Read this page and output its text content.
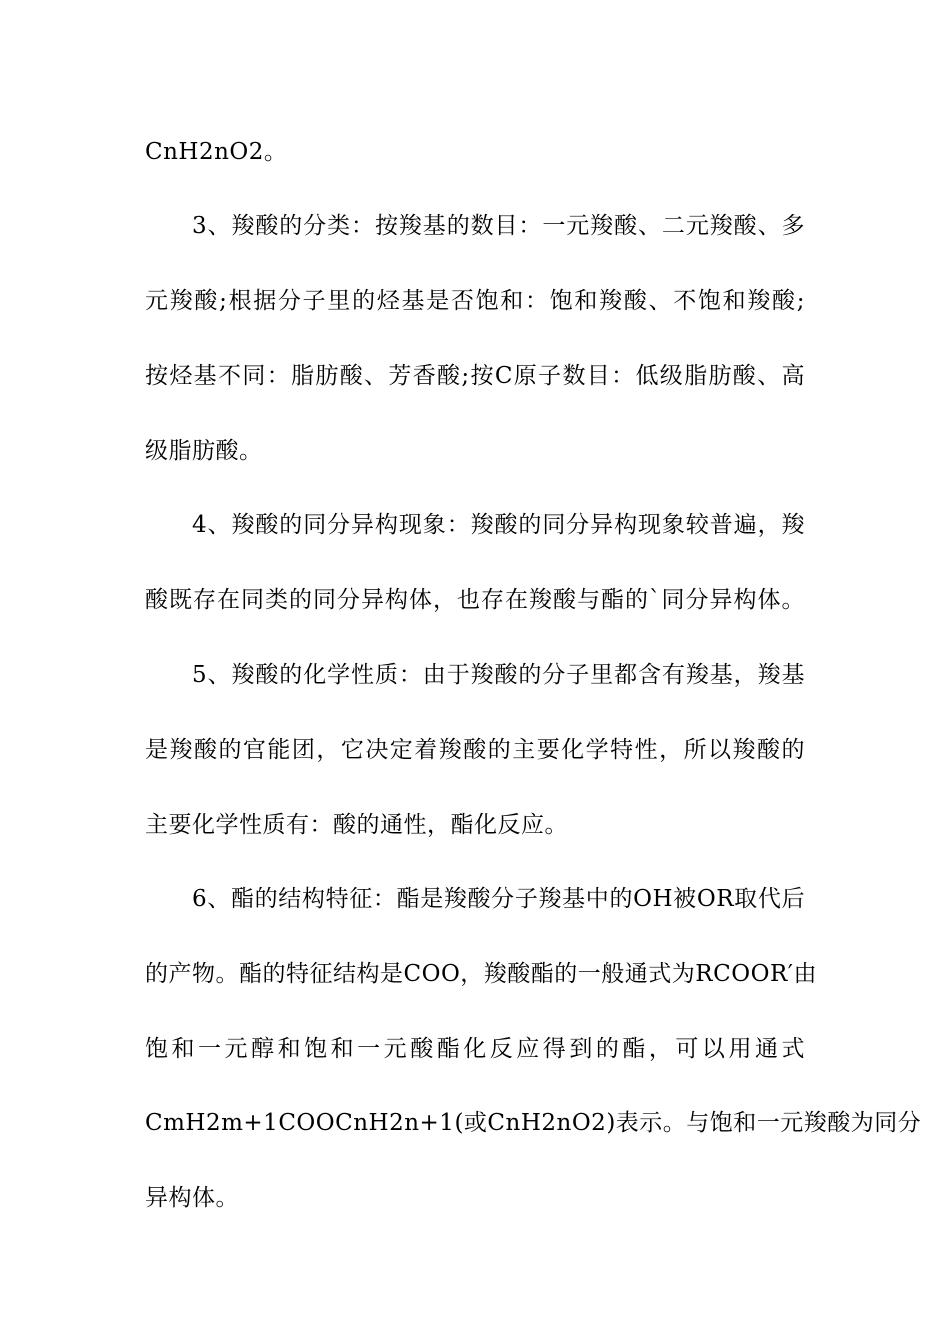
CnH2nO2。
3、羧酸的分类：按羧基的数目：一元羧酸、二元羧酸、多
元羧酸;根据分子里的烃基是否饱和：饱和羧酸、不饱和羧酸;
按烃基不同：脂肪酸、芳香酸;按C原子数目：低级脂肪酸、高
级脂肪酸。
4、羧酸的同分异构现象：羧酸的同分异构现象较普遍，羧
酸既存在同类的同分异构体，也存在羧酸与酯的`同分异构体。
5、羧酸的化学性质：由于羧酸的分子里都含有羧基，羧基
是羧酸的官能团，它决定着羧酸的主要化学特性，所以羧酸的
主要化学性质有：酸的通性，酯化反应。
6、酯的结构特征：酯是羧酸分子羧基中的OH被OR取代后
的产物。酯的特征结构是COO，羧酸酯的一般通式为RCOOR′由
饱和一元醇和饱和一元酸酯化反应得到的酯，可以用通式
CmH2m+1COOCnH2n+1(或CnH2nO2)表示。与饱和一元羧酸为同分
异构体。
